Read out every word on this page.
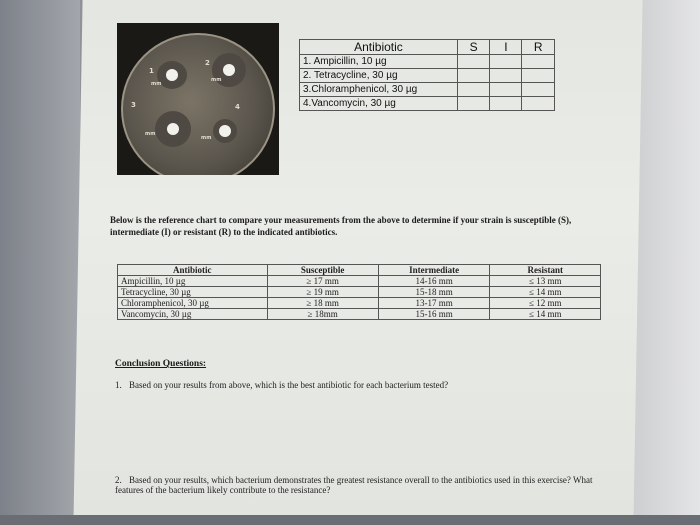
1
2
3	4
mm
mm
mm
mm
Antibiotic	S	I	R
1. Ampicillin, 10 µg			
2. Tetracycline, 30 µg			
3.Chloramphenicol, 30 µg			
4.Vancomycin, 30 µg			
Below is the reference chart to compare your measurements from the above to determine if your strain is susceptible (S), intermediate (I) or resistant (R) to the indicated antibiotics.
Antibiotic	Susceptible	Intermediate	Resistant
Ampicillin, 10 µg	≥ 17 mm	14-16 mm	≤ 13 mm
Tetracycline, 30 µg	≥ 19 mm	15-18 mm	≤ 14 mm
Chloramphenicol, 30 µg	≥ 18 mm	13-17 mm	≤ 12 mm
Vancomycin, 30 µg	≥ 18mm	15-16 mm	≤ 14 mm
Conclusion Questions:
1. Based on your results from above, which is the best antibiotic for each bacterium tested?
2. Based on your results, which bacterium demonstrates the greatest resistance overall to the antibiotics used in this exercise? What features of the bacterium likely contribute to the resistance?
